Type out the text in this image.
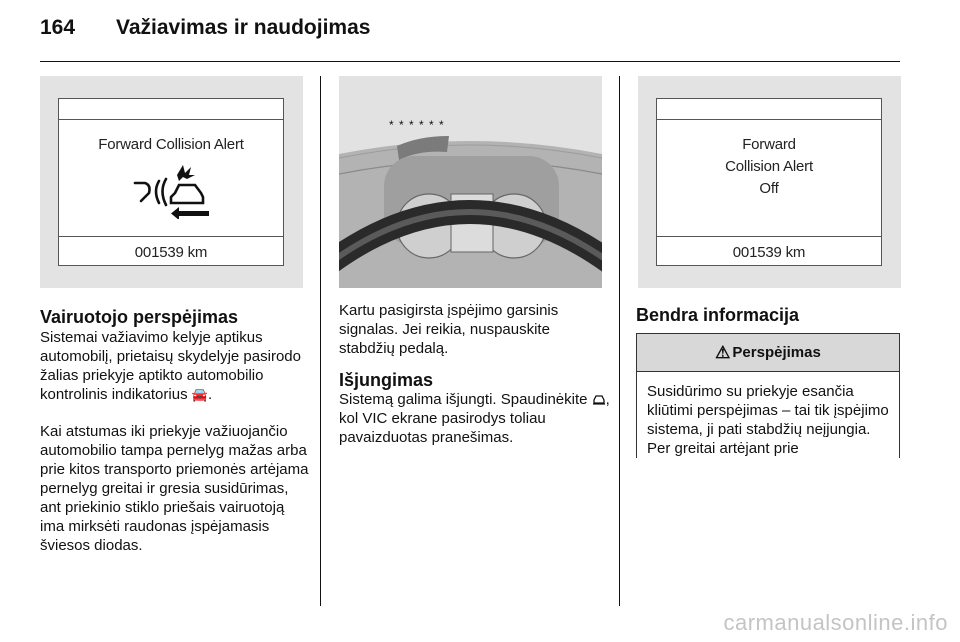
164	Važiavimas ir naudojimas
Forward Collision Alert
001539 km
* * * * * *
Forward
Collision Alert
Off
001539 km
Vairuotojo perspėjimas
Sistemai važiavimo kelyje aptikus automobilį, prietaisų skydelyje pasirodo žalias priekyje aptikto automobilio kontrolinis indikatorius 🚘.
Kai atstumas iki priekyje važiuojančio automobilio tampa pernelyg mažas arba prie kitos transporto priemonės artėjama pernelyg greitai ir gresia susidūrimas, ant priekinio stiklo priešais vairuotoją ima mirksėti raudonas įspėjamasis šviesos diodas.
Kartu pasigirsta įspėjimo garsinis signalas. Jei reikia, nuspauskite stabdžių pedalą.
Išjungimas
Sistemą galima išjungti. Spaudinėkite , kol VIC ekrane pasirodys toliau pavaizduotas pranešimas.
Bendra informacija
⚠ Perspėjimas
Susidūrimo su priekyje esančia kliūtimi perspėjimas – tai tik įspėjimo sistema, ji pati stabdžių neįjungia. Per greitai artėjant prie
carmanualsonline.info
